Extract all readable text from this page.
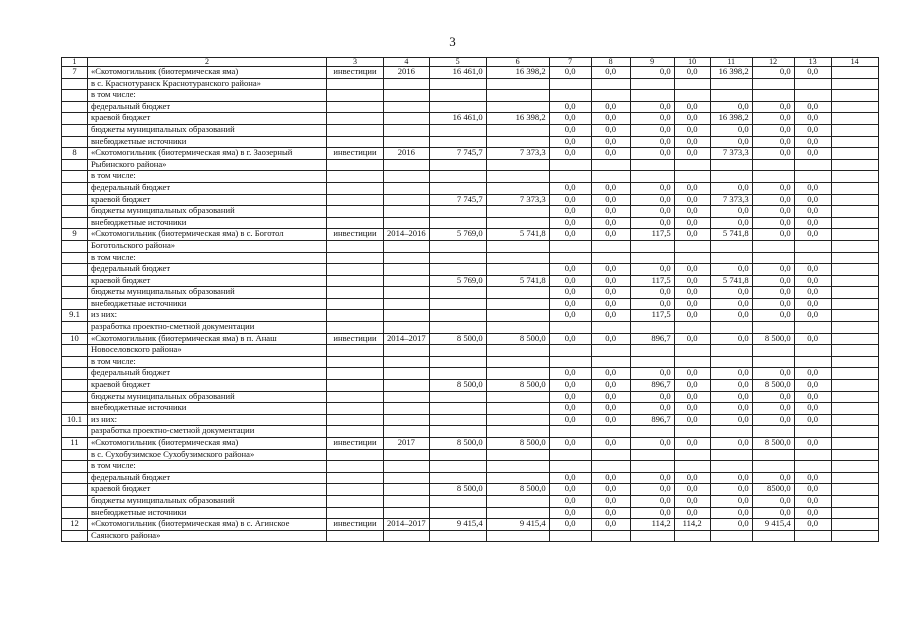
3
1	2	3	4	5	6	7	8	9	10	11	12	13	14
7	«Скотомогильник (биотермическая яма)	инвестиции	2016	16 461,0	16 398,2	0,0	0,0	0,0	0,0	16 398,2	0,0	0,0	
	в с. Краснотуранск Краснотуранского района»												
	в том числе:												
	федеральный бюджет					0,0	0,0	0,0	0,0	0,0	0,0	0,0	
	краевой бюджет			16 461,0	16 398,2	0,0	0,0	0,0	0,0	16 398,2	0,0	0,0	
	бюджеты муниципальных образований					0,0	0,0	0,0	0,0	0,0	0,0	0,0	
	внебюджетные источники					0,0	0,0	0,0	0,0	0,0	0,0	0,0	
8	«Скотомогильник (биотермическая яма) в г. Заозерный	инвестиции	2016	7 745,7	7 373,3	0,0	0,0	0,0	0,0	7 373,3	0,0	0,0	
	Рыбинского района»												
	в том числе:												
	федеральный бюджет					0,0	0,0	0,0	0,0	0,0	0,0	0,0	
	краевой бюджет			7 745,7	7 373,3	0,0	0,0	0,0	0,0	7 373,3	0,0	0,0	
	бюджеты муниципальных образований					0,0	0,0	0,0	0,0	0,0	0,0	0,0	
	внебюджетные источники					0,0	0,0	0,0	0,0	0,0	0,0	0,0	
9	«Скотомогильник (биотермическая яма) в с. Боготол	инвестиции	2014–2016	5 769,0	5 741,8	0,0	0,0	117,5	0,0	5 741,8	0,0	0,0	
	Боготольского района»												
	в том числе:												
	федеральный бюджет					0,0	0,0	0,0	0,0	0,0	0,0	0,0	
	краевой бюджет			5 769,0	5 741,8	0,0	0,0	117,5	0,0	5 741,8	0,0	0,0	
	бюджеты муниципальных образований					0,0	0,0	0,0	0,0	0,0	0,0	0,0	
	внебюджетные источники					0,0	0,0	0,0	0,0	0,0	0,0	0,0	
9.1	из них:					0,0	0,0	117,5	0,0	0,0	0,0	0,0	
	разработка проектно-сметной документации												
10	«Скотомогильник (биотермическая яма) в п. Анаш	инвестиции	2014–2017	8 500,0	8 500,0	0,0	0,0	896,7	0,0	0,0	8 500,0	0,0	
	Новоселовского района»												
	в том числе:												
	федеральный бюджет					0,0	0,0	0,0	0,0	0,0	0,0	0,0	
	краевой бюджет			8 500,0	8 500,0	0,0	0,0	896,7	0,0	0,0	8 500,0	0,0	
	бюджеты муниципальных образований					0,0	0,0	0,0	0,0	0,0	0,0	0,0	
	внебюджетные источники					0,0	0,0	0,0	0,0	0,0	0,0	0,0	
10.1	из них:					0,0	0,0	896,7	0,0	0,0	0,0	0,0	
	разработка проектно-сметной документации												
11	«Скотомогильник (биотермическая яма)	инвестиции	2017	8 500,0	8 500,0	0,0	0,0	0,0	0,0	0,0	8 500,0	0,0	
	в с. Сухобузимское Сухобузимского района»												
	в том числе:												
	федеральный бюджет					0,0	0,0	0,0	0,0	0,0	0,0	0,0	
	краевой бюджет			8 500,0	8 500,0	0,0	0,0	0,0	0,0	0,0	8500,0	0,0	
	бюджеты муниципальных образований					0,0	0,0	0,0	0,0	0,0	0,0	0,0	
	внебюджетные источники					0,0	0,0	0,0	0,0	0,0	0,0	0,0	
12	«Скотомогильник (биотермическая яма) в с. Агинское	инвестиции	2014–2017	9 415,4	9 415,4	0,0	0,0	114,2	114,2	0,0	9 415,4	0,0	
	Саянского района»												
